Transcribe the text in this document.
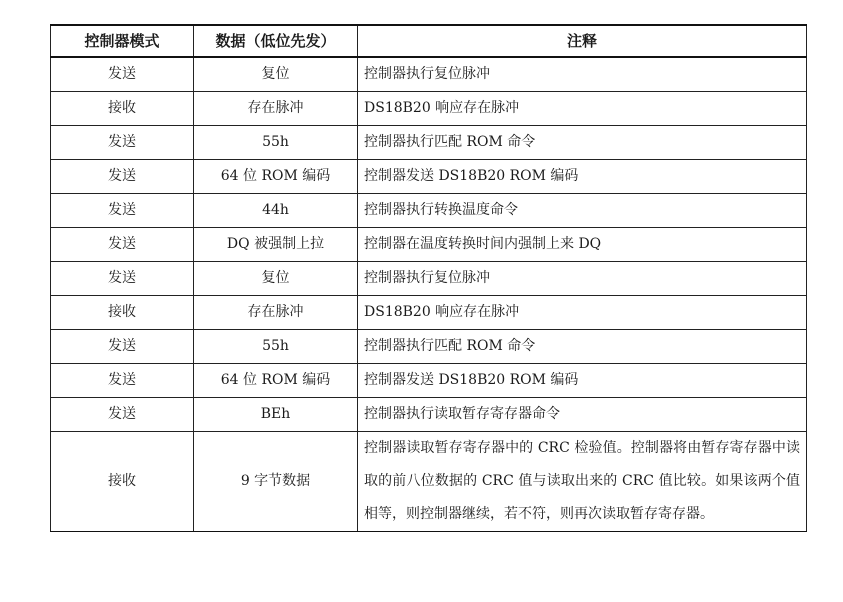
控制器模式	数据（低位先发）	注释
发送	复位	控制器执行复位脉冲
接收	存在脉冲	DS18B20 响应存在脉冲
发送	55h	控制器执行匹配 ROM 命令
发送	64 位 ROM 编码	控制器发送 DS18B20 ROM 编码
发送	44h	控制器执行转换温度命令
发送	DQ 被强制上拉	控制器在温度转换时间内强制上来 DQ
发送	复位	控制器执行复位脉冲
接收	存在脉冲	DS18B20 响应存在脉冲
发送	55h	控制器执行匹配 ROM 命令
发送	64 位 ROM 编码	控制器发送 DS18B20 ROM 编码
发送	BEh	控制器执行读取暂存寄存器命令
接收	9 字节数据	控制器读取暂存寄存器中的 CRC 检验值。控制器将由暂存寄存器中读取的前八位数据的 CRC 值与读取出来的 CRC 值比较。如果该两个值相等，则控制器继续，若不符，则再次读取暂存寄存器。
